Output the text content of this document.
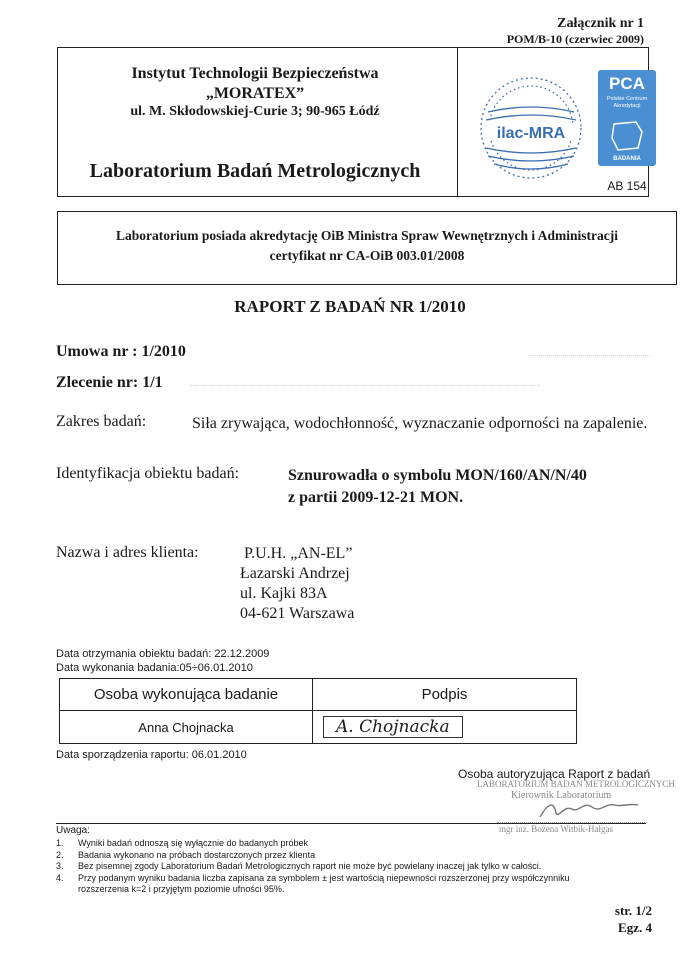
Załącznik nr 1
POM/B-10 (czerwiec 2009)
Instytut Technologii Bezpieczeństwa
„MORATEX”
ul. M. Skłodowskiej-Curie 3; 90-965 Łódź
Laboratorium Badań Metrologicznych
ilac-MRA
PCA
Polskie Centrum
Akredytacji
BADANIA
AB 154
Laboratorium posiada akredytację OiB Ministra Spraw Wewnętrznych i Administracji
certyfikat nr CA-OiB 003.01/2008
RAPORT Z BADAŃ NR 1/2010
Umowa nr : 1/2010
Zlecenie nr: 1/1
Zakres badań:	Siła zrywająca, wodochłonność, wyznaczanie odporności na zapalenie.
Identyfikacja obiektu badań:	Sznurowadła o symbolu MON/160/AN/N/40
z partii 2009-12-21 MON.
Nazwa i adres klienta:	P.U.H. „AN-EL”
Łazarski Andrzej
ul. Kajki 83A
04-621 Warszawa
Data otrzymania obiektu badań: 22.12.2009
Data wykonania badania:05÷06.01.2010
Osoba wykonująca badanie	Podpis
Anna Chojnacka	A. Chojnacka
Data sporządzenia raportu: 06.01.2010
Osoba autoryzująca Raport z badań
LABORATORIUM BADAŃ METROLOGICZNYCH
Kierownik Laboratorium
mgr inż. Bożena Witbik-Hałgas
Uwaga:
1.	Wyniki badań odnoszą się wyłącznie do badanych próbek
2.	Badania wykonano na próbach dostarczonych przez klienta
3.	Bez pisemnej zgody Laboratorium Badań Metrologicznych raport nie może być powielany inaczej jak tylko w całości.
4.	Przy podanym wyniku badania liczba zapisana za symbolem ± jest wartością niepewności rozszerzonej przy współczynniku rozszerzenia k=2 i przyjętym poziomie ufności 95%.
str. 1/2
Egz. 4
